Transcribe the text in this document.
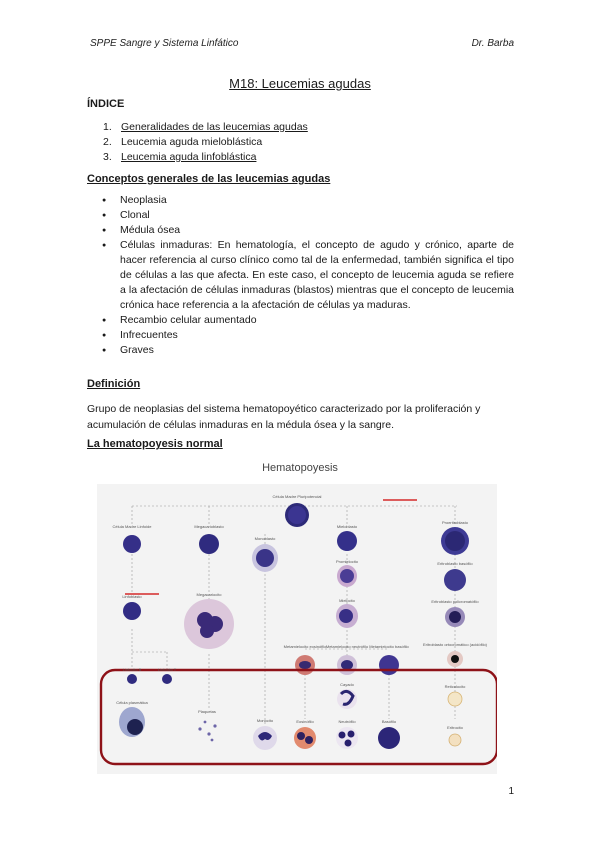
SPPE Sangre y Sistema Linfático	Dr. Barba
M18: Leucemias agudas
ÍNDICE
1. Generalidades de las leucemias agudas
2. Leucemia aguda mieloblástica
3. Leucemia aguda linfoblástica
Conceptos generales de las leucemias agudas
● Neoplasia
● Clonal
● Médula ósea
● Células inmaduras: En hematología, el concepto de agudo y crónico, aparte de hacer referencia al curso clínico como tal de la enfermedad, también significa el tipo de células a las que afecta. En este caso, el concepto de leucemia aguda se refiere a la afectación de células inmaduras (blastos) mientras que el concepto de leucemia crónica hace referencia a la afectación de células ya maduras.
● Recambio celular aumentado
● Infrecuentes
● Graves
Definición

Grupo de neoplasias del sistema hematopoyético caracterizado por la proliferación y acumulación de células inmaduras en la médula ósea y la sangre.

La hematopoyesis normal
Hematopoyesis
Célula Madre Pluripotencial
Célula Madre Linfoide	Megacarioblasto
Monoblasto
Mieloblasto
Proeritroblasto
Promielocito	Eritroblasto basófilo
Linfoblasto	Megacariocito
Mielocito	Eritroblasto policromatófilo
Metamielocito eosinófilo Metamielocito neutrófilo Metamielocito basófilo	Eritroblasto ortocromático (acidófilo)
Linfocito B	Linfocito T
Cayado	Reticulocito
Célula plasmática
Plaquetas
Monocito	Eosinófilo	Neutrófilo	Basófilo
Eritrocito
1
